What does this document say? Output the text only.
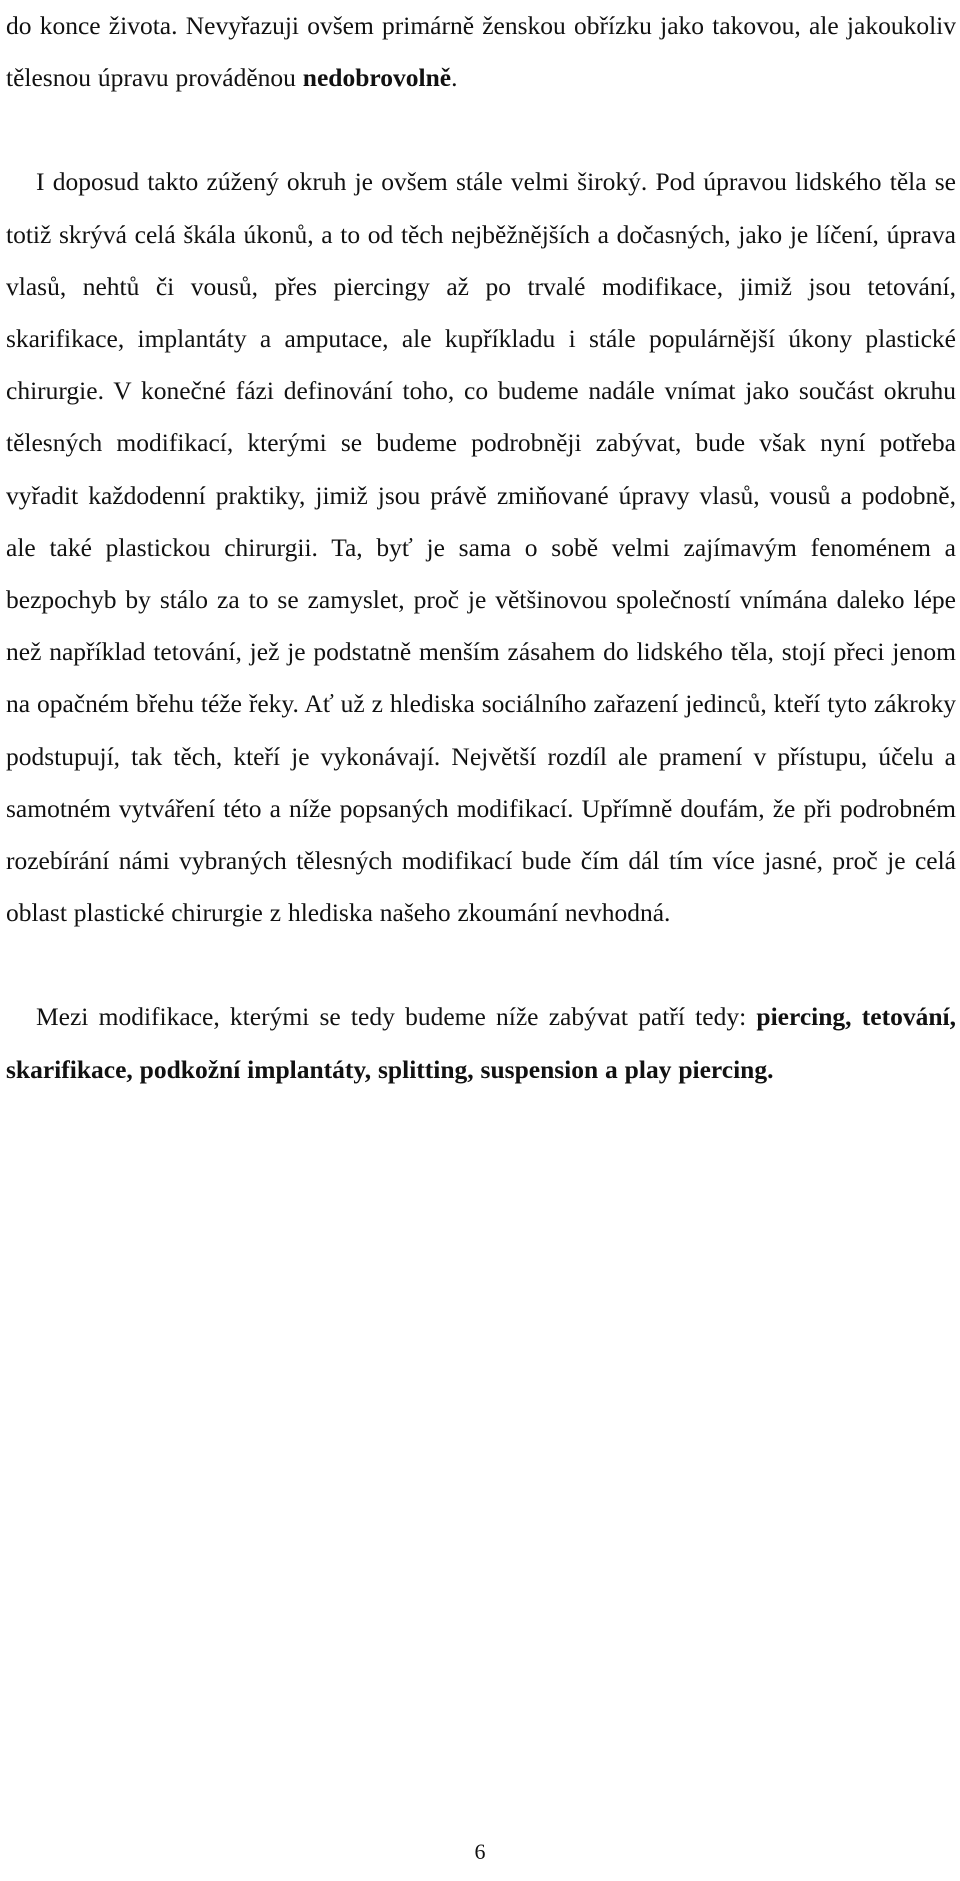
do konce života. Nevyřazuji ovšem primárně ženskou obřízku jako takovou, ale jakoukoliv tělesnou úpravu prováděnou nedobrovolně.

I doposud takto zúžený okruh je ovšem stále velmi široký. Pod úpravou lidského těla se totiž skrývá celá škála úkonů, a to od těch nejběžnějších a dočasných, jako je líčení, úprava vlasů, nehtů či vousů, přes piercingy až po trvalé modifikace, jimiž jsou tetování, skarifikace, implantáty a amputace, ale kupříkladu i stále populárnější úkony plastické chirurgie. V konečné fázi definování toho, co budeme nadále vnímat jako součást okruhu tělesných modifikací, kterými se budeme podrobněji zabývat, bude však nyní potřeba vyřadit každodenní praktiky, jimiž jsou právě zmiňované úpravy vlasů, vousů a podobně, ale také plastickou chirurgii. Ta, byť je sama o sobě velmi zajímavým fenoménem a bezpochyb by stálo za to se zamyslet, proč je většinovou společností vnímána daleko lépe než například tetování, jež je podstatně menším zásahem do lidského těla, stojí přeci jenom na opačném břehu téže řeky. Ať už z hlediska sociálního zařazení jedinců, kteří tyto zákroky podstupují, tak těch, kteří je vykonávají. Největší rozdíl ale pramení v přístupu, účelu a samotném vytváření této a níže popsaných modifikací. Upřímně doufám, že při podrobném rozebírání námi vybraných tělesných modifikací bude čím dál tím více jasné, proč je celá oblast plastické chirurgie z hlediska našeho zkoumání nevhodná.

Mezi modifikace, kterými se tedy budeme níže zabývat patří tedy: piercing, tetování, skarifikace, podkožní implantáty, splitting, suspension a play piercing.

6
